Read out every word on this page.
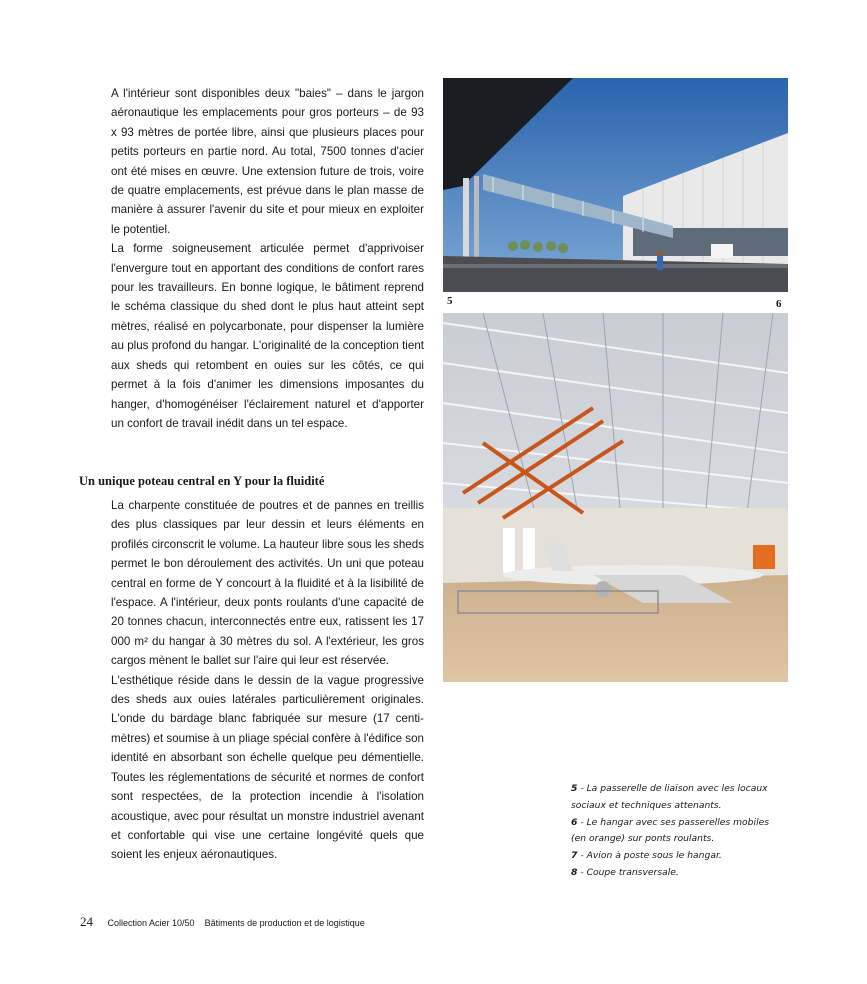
A l'intérieur sont disponibles deux "baies" – dans le jargon aéronautique les emplacements pour gros porteurs – de 93 x 93 mètres de portée libre, ainsi que plusieurs places pour petits porteurs en partie nord. Au total, 7500 tonnes d'acier ont été mises en œuvre. Une extension future de trois, voire de quatre emplacements, est prévue dans le plan masse de manière à assurer l'avenir du site et pour mieux en exploiter le potentiel.

La forme soigneusement articulée permet d'apprivoiser l'envergure tout en apportant des conditions de confort rares pour les travailleurs. En bonne logique, le bâtiment reprend le schéma classique du shed dont le plus haut atteint sept mètres, réalisé en polycarbonate, pour dispenser la lumière au plus profond du hangar. L'originalité de la conception tient aux sheds qui retombent en ouies sur les côtés, ce qui permet à la fois d'animer les dimensions imposantes du hanger, d'homogénéiser l'éclairement naturel et d'apporter un confort de travail inédit dans un tel espace.

Un unique poteau central en Y pour la fluidité

La charpente constituée de poutres et de pannes en treillis des plus classiques par leur dessin et leurs éléments en profilés circonscrit le volume. La hauteur libre sous les sheds permet le bon déroulement des activités. Un uni que poteau central en forme de Y concourt à la fluidité et à la lisibilité de l'espace. A l'intérieur, deux ponts roulants d'une capacité de 20 tonnes chacun, interconnectés entre eux, ratissent les 17 000 m² du hangar à 30 mètres du sol. A l'extérieur, les gros cargos mènent le ballet sur l'aire qui leur est réservée.

L'esthétique réside dans le dessin de la vague progressive des sheds aux ouies latérales particulièrement originales. L'onde du bardage blanc fabriquée sur mesure (17 centimètres) et soumise à un pliage spécial confère à l'édifice son identité en absorbant son échelle quelque peu démentielle. Toutes les réglementations de sécurité et normes de confort sont respectées, de la protection incendie à l'isolation acoustique, avec pour résultat un monstre industriel avenant et confortable qui vise une certaine longévité quels que soient les enjeux aéronautiques.

5	6

5 - La passerelle de liaison avec les locaux sociaux et techniques attenants.

6 - Le hangar avec ses passerelles mobiles (en orange) sur ponts roulants.

7 - Avion à poste sous le hangar.

8 - Coupe transversale.

24 Collection Acier 10/50 Bâtiments de production et de logistique
